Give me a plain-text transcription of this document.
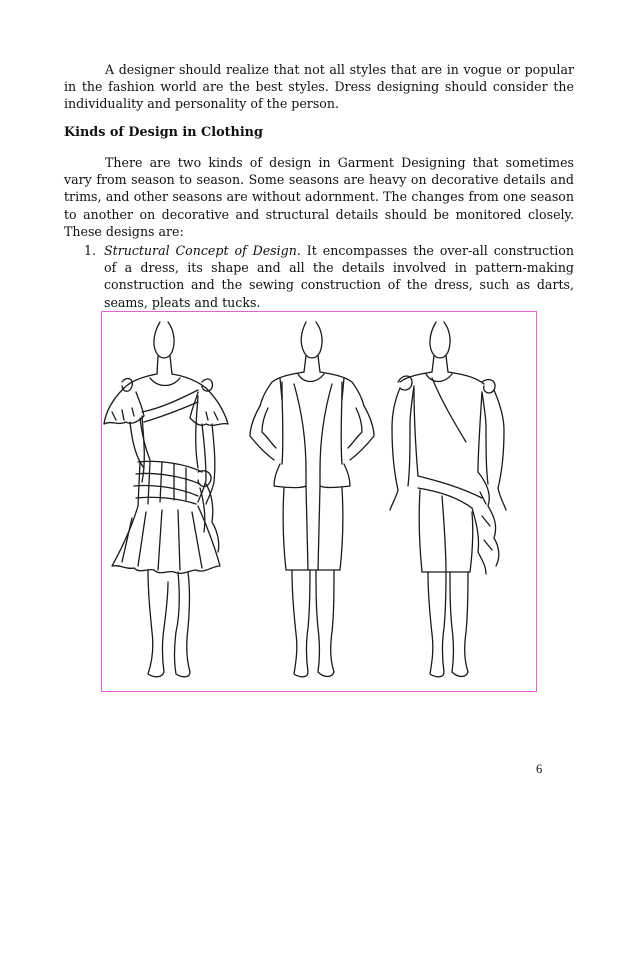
A designer should realize that not all styles that are in vogue or popular in the fashion world are the best styles. Dress designing should consider the individuality and personality of the person.

Kinds of Design in Clothing

There are two kinds of design in Garment Designing that sometimes vary from season to season. Some seasons are heavy on decorative details and trims, and other seasons are without adornment. The changes from one season to another on decorative and structural details should be monitored closely. These designs are:

1. Structural Concept of Design. It encompasses the over-all construction of a dress, its shape and all the details involved in pattern-making construction and the sewing construction of the dress, such as darts, seams, pleats and tucks.
6
